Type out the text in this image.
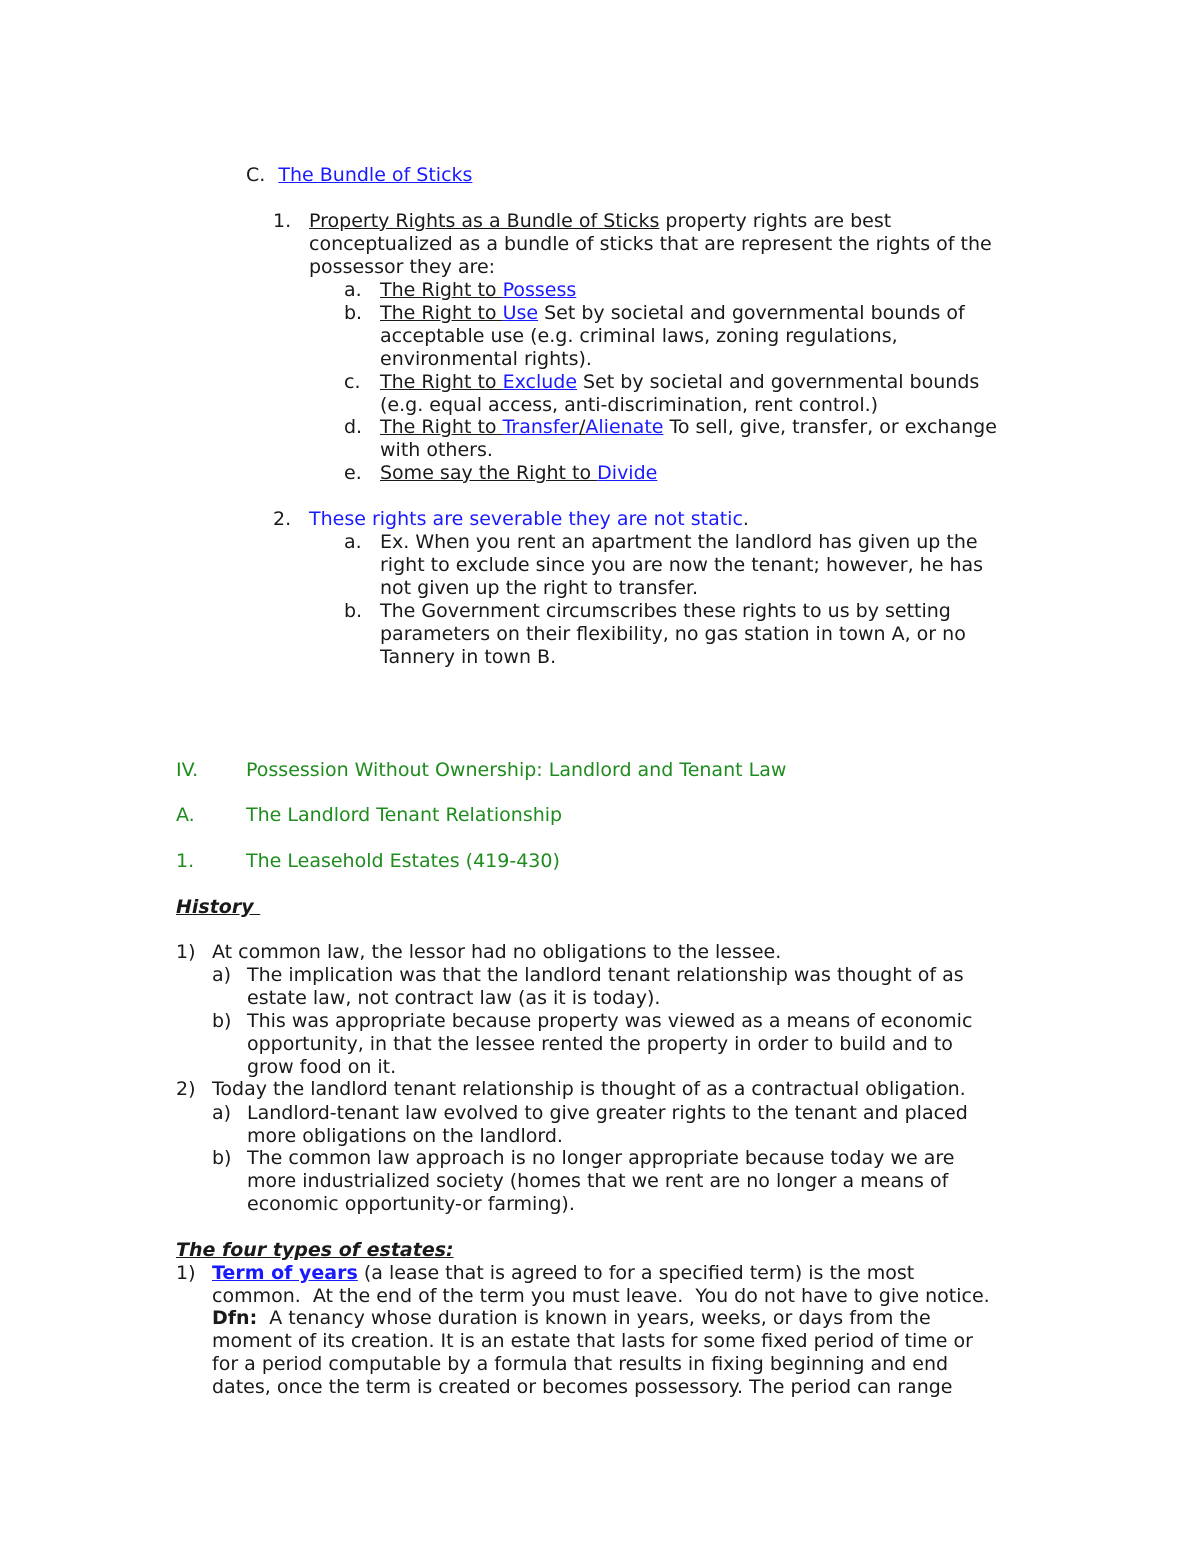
C. The Bundle of Sticks
1. Property Rights as a Bundle of Sticks property rights are best
conceptualized as a bundle of sticks that are represent the rights of the
possessor they are:
a. The Right to Possess
b. The Right to Use Set by societal and governmental bounds of
acceptable use (e.g. criminal laws, zoning regulations,
environmental rights).
c. The Right to Exclude Set by societal and governmental bounds
(e.g. equal access, anti-discrimination, rent control.)
d. The Right to Transfer/Alienate To sell, give, transfer, or exchange
with others.
e. Some say the Right to Divide
2. These rights are severable they are not static.
a. Ex. When you rent an apartment the landlord has given up the
right to exclude since you are now the tenant; however, he has
not given up the right to transfer.
b. The Government circumscribes these rights to us by setting
parameters on their flexibility, no gas station in town A, or no
Tannery in town B.
IV.	Possession Without Ownership: Landlord and Tenant Law
A.	The Landlord Tenant Relationship
1.	The Leasehold Estates (419-430)
History
1) At common law, the lessor had no obligations to the lessee.
a) The implication was that the landlord tenant relationship was thought of as
estate law, not contract law (as it is today).
b) This was appropriate because property was viewed as a means of economic
opportunity, in that the lessee rented the property in order to build and to
grow food on it.
2) Today the landlord tenant relationship is thought of as a contractual obligation.
a) Landlord-tenant law evolved to give greater rights to the tenant and placed
more obligations on the landlord.
b) The common law approach is no longer appropriate because today we are
more industrialized society (homes that we rent are no longer a means of
economic opportunity-or farming).
The four types of estates:
1) Term of years (a lease that is agreed to for a specified term) is the most
common.  At the end of the term you must leave.  You do not have to give notice.
Dfn:  A tenancy whose duration is known in years, weeks, or days from the
moment of its creation. It is an estate that lasts for some fixed period of time or
for a period computable by a formula that results in fixing beginning and end
dates, once the term is created or becomes possessory. The period can range
